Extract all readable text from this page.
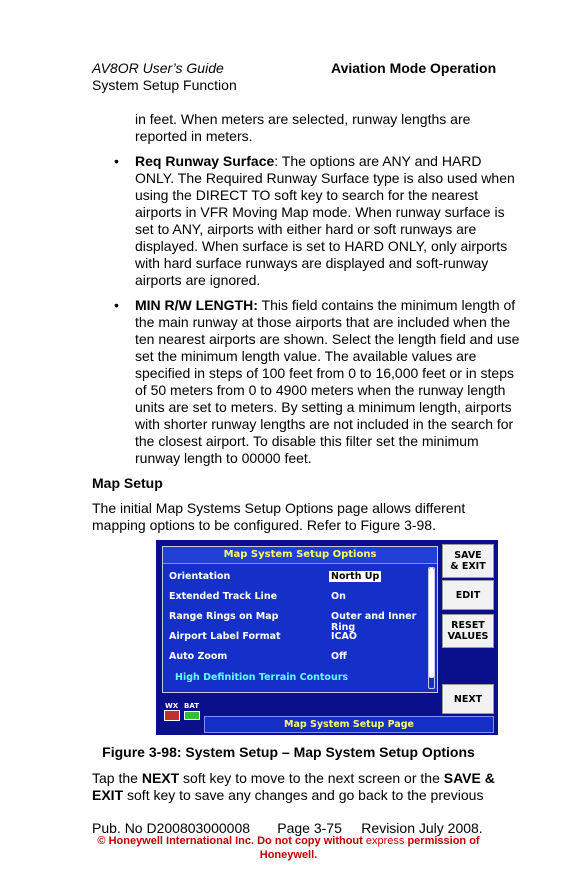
AV8OR User’s Guide
System Setup Function
Aviation Mode Operation
in feet. When meters are selected, runway lengths are
reported in meters.
• Req Runway Surface: The options are ANY and HARD
ONLY. The Required Runway Surface type is also used when
using the DIRECT TO soft key to search for the nearest
airports in VFR Moving Map mode. When runway surface is
set to ANY, airports with either hard or soft runways are
displayed. When surface is set to HARD ONLY, only airports
with hard surface runways are displayed and soft-runway
airports are ignored.
• MIN R/W LENGTH: This field contains the minimum length of
the main runway at those airports that are included when the
ten nearest airports are shown. Select the length field and use
set the minimum length value. The available values are
specified in steps of 100 feet from 0 to 16,000 feet or in steps
of 50 meters from 0 to 4900 meters when the runway length
units are set to meters. By setting a minimum length, airports
with shorter runway lengths are not included in the search for
the closest airport. To disable this filter set the minimum
runway length to 00000 feet.
Map Setup
The initial Map Systems Setup Options page allows different
mapping options to be configured. Refer to Figure 3-98.
Map System Setup Options
Orientation	North Up
Extended Track Line	On
Range Rings on Map	Outer and Inner Ring
Airport Label Format	ICAO
Auto Zoom	Off
High Definition Terrain Contours
SAVE
& EXIT
EDIT
RESET
VALUES
NEXT
WX BAT
Map System Setup Page
Figure 3-98: System Setup – Map System Setup Options
Tap the NEXT soft key to move to the next screen or the SAVE &
EXIT soft key to save any changes and go back to the previous
Pub. No D200803000008       Page 3-75     Revision July 2008.
© Honeywell International Inc. Do not copy without express permission of
Honeywell.
